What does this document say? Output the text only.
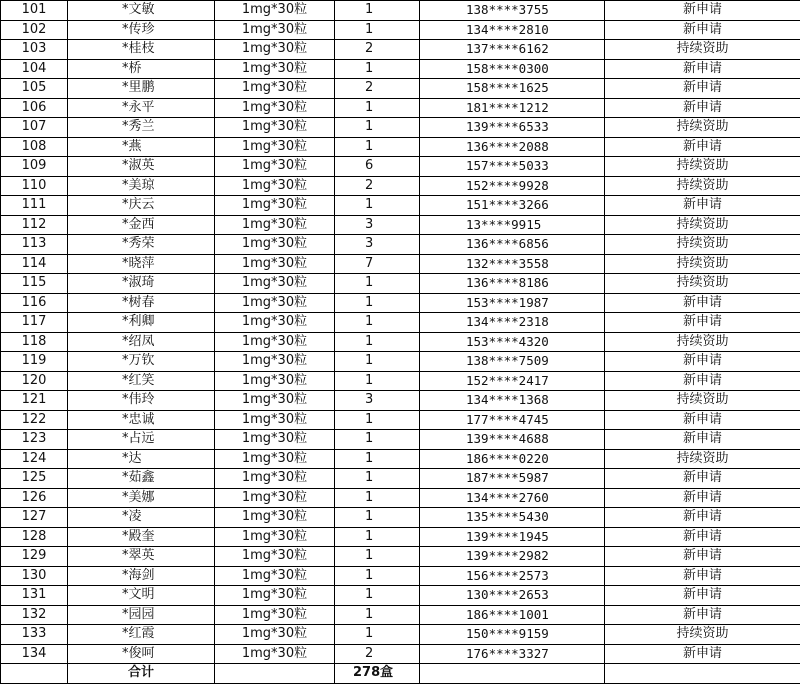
101	*文敏	1mg*30粒	1	138****3755	新申请
102	*传珍	1mg*30粒	1	134****2810	新申请
103	*桂枝	1mg*30粒	2	137****6162	持续资助
104	*桥	1mg*30粒	1	158****0300	新申请
105	*里鹏	1mg*30粒	2	158****1625	新申请
106	*永平	1mg*30粒	1	181****1212	新申请
107	*秀兰	1mg*30粒	1	139****6533	持续资助
108	*燕	1mg*30粒	1	136****2088	新申请
109	*淑英	1mg*30粒	6	157****5033	持续资助
110	*美琼	1mg*30粒	2	152****9928	持续资助
111	*庆云	1mg*30粒	1	151****3266	新申请
112	*金西	1mg*30粒	3	13****9915	持续资助
113	*秀荣	1mg*30粒	3	136****6856	持续资助
114	*晓萍	1mg*30粒	7	132****3558	持续资助
115	*淑琦	1mg*30粒	1	136****8186	持续资助
116	*树春	1mg*30粒	1	153****1987	新申请
117	*利卿	1mg*30粒	1	134****2318	新申请
118	*绍凤	1mg*30粒	1	153****4320	持续资助
119	*万钦	1mg*30粒	1	138****7509	新申请
120	*红笑	1mg*30粒	1	152****2417	新申请
121	*伟玲	1mg*30粒	3	134****1368	持续资助
122	*忠诚	1mg*30粒	1	177****4745	新申请
123	*占远	1mg*30粒	1	139****4688	新申请
124	*达	1mg*30粒	1	186****0220	持续资助
125	*茹鑫	1mg*30粒	1	187****5987	新申请
126	*美娜	1mg*30粒	1	134****2760	新申请
127	*凌	1mg*30粒	1	135****5430	新申请
128	*殿奎	1mg*30粒	1	139****1945	新申请
129	*翠英	1mg*30粒	1	139****2982	新申请
130	*海剑	1mg*30粒	1	156****2573	新申请
131	*文明	1mg*30粒	1	130****2653	新申请
132	*园园	1mg*30粒	1	186****1001	新申请
133	*红霞	1mg*30粒	1	150****9159	持续资助
134	*俊呵	1mg*30粒	2	176****3327	新申请
	合计		278盒		
